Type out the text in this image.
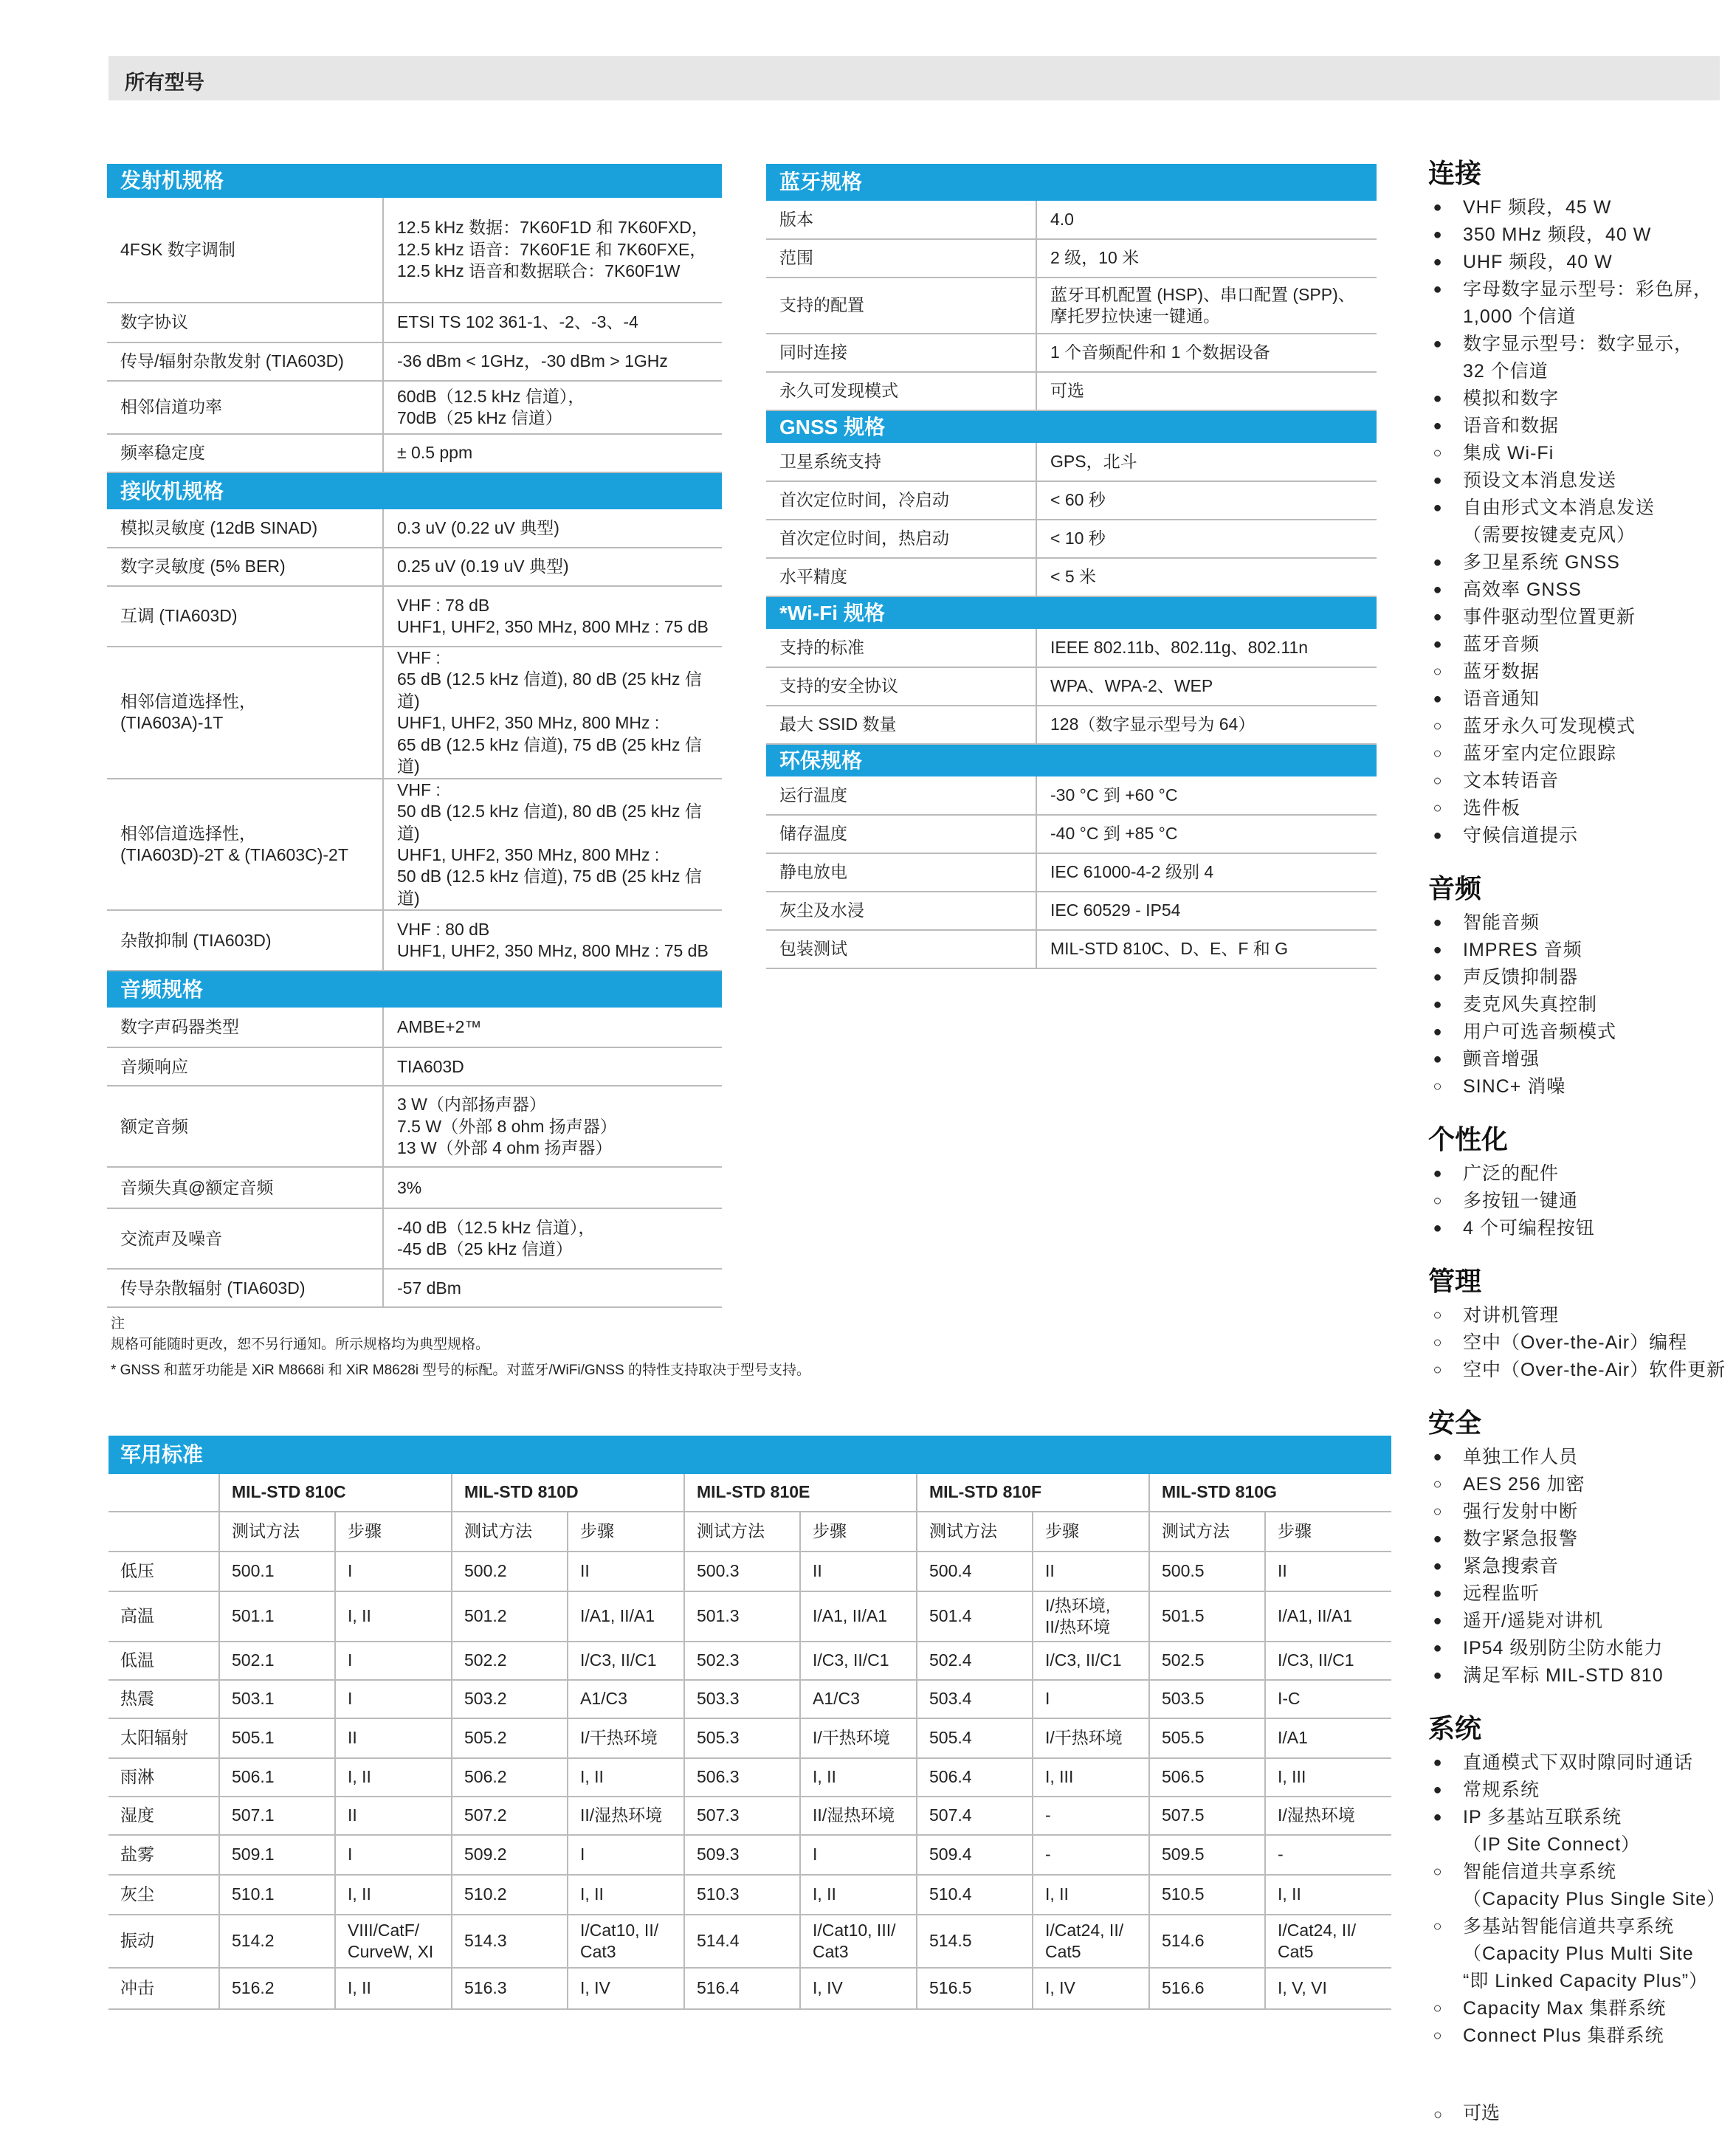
所有型号
发射机规格	
4FSK 数字调制	12.5 kHz 数据：7K60F1D 和 7K60FXD，
12.5 kHz 语音：7K60F1E 和 7K60FXE，
12.5 kHz 语音和数据联合：7K60F1W
数字协议	ETSI TS 102 361-1、-2、-3、-4
传导/辐射杂散发射 (TIA603D)	-36 dBm < 1GHz，-30 dBm > 1GHz
相邻信道功率	60dB（12.5 kHz 信道），
70dB（25 kHz 信道）
频率稳定度	± 0.5 ppm
接收机规格	
模拟灵敏度 (12dB SINAD)	0.3 uV (0.22 uV 典型)
数字灵敏度 (5% BER)	0.25 uV (0.19 uV 典型)
互调 (TIA603D)	VHF : 78 dB
UHF1, UHF2, 350 MHz, 800 MHz : 75 dB
相邻信道选择性，
(TIA603A)-1T	VHF :
65 dB (12.5 kHz 信道), 80 dB (25 kHz 信道)
UHF1, UHF2, 350 MHz, 800 MHz :
65 dB (12.5 kHz 信道), 75 dB (25 kHz 信道)
相邻信道选择性，
(TIA603D)-2T & (TIA603C)-2T	VHF :
50 dB (12.5 kHz 信道), 80 dB (25 kHz 信道)
UHF1, UHF2, 350 MHz, 800 MHz :
50 dB (12.5 kHz 信道), 75 dB (25 kHz 信道)
杂散抑制 (TIA603D)	VHF : 80 dB
UHF1, UHF2, 350 MHz, 800 MHz : 75 dB
音频规格	
数字声码器类型	AMBE+2™
音频响应	TIA603D
额定音频	3 W（内部扬声器）
7.5 W（外部 8 ohm 扬声器）
13 W（外部 4 ohm 扬声器）
音频失真@额定音频	3%
交流声及噪音	-40 dB（12.5 kHz 信道），
-45 dB（25 kHz 信道）
传导杂散辐射 (TIA603D)	-57 dBm
蓝牙规格	
版本	4.0
范围	2 级，10 米
支持的配置	蓝牙耳机配置 (HSP)、串口配置 (SPP)、
摩托罗拉快速一键通。
同时连接	1 个音频配件和 1 个数据设备
永久可发现模式	可选
GNSS 规格	
卫星系统支持	GPS，北斗
首次定位时间，冷启动	< 60 秒
首次定位时间，热启动	< 10 秒
水平精度	< 5 米
*Wi-Fi 规格	
支持的标准	IEEE 802.11b、802.11g、802.11n
支持的安全协议	WPA、WPA-2、WEP
最大 SSID 数量	128（数字显示型号为 64）
环保规格	
运行温度	-30 °C 到 +60 °C
储存温度	-40 °C 到 +85 °C
静电放电	IEC 61000-4-2 级别 4
灰尘及水浸	IEC 60529 - IP54
包装测试	MIL-STD 810C、D、E、F 和 G
注
规格可能随时更改，恕不另行通知。所示规格均为典型规格。
* GNSS 和蓝牙功能是 XiR M8668i 和 XiR M8628i 型号的标配。对蓝牙/WiFi/GNSS 的特性支持取决于型号支持。
军用标准										
	MIL-STD 810C		MIL-STD 810D		MIL-STD 810E		MIL-STD 810F		MIL-STD 810G	
	测试方法	步骤	测试方法	步骤	测试方法	步骤	测试方法	步骤	测试方法	步骤
低压	500.1	I	500.2	II	500.3	II	500.4	II	500.5	II
高温	501.1	I, II	501.2	I/A1, II/A1	501.3	I/A1, II/A1	501.4	I/热环境,
II/热环境	501.5	I/A1, II/A1
低温	502.1	I	502.2	I/C3, II/C1	502.3	I/C3, II/C1	502.4	I/C3, II/C1	502.5	I/C3, II/C1
热震	503.1	I	503.2	A1/C3	503.3	A1/C3	503.4	I	503.5	I-C
太阳辐射	505.1	II	505.2	I/干热环境	505.3	I/干热环境	505.4	I/干热环境	505.5	I/A1
雨淋	506.1	I, II	506.2	I, II	506.3	I, II	506.4	I, III	506.5	I, III
湿度	507.1	II	507.2	II/湿热环境	507.3	II/湿热环境	507.4	-	507.5	I/湿热环境
盐雾	509.1	I	509.2	I	509.3	I	509.4	-	509.5	-
灰尘	510.1	I, II	510.2	I, II	510.3	I, II	510.4	I, II	510.5	I, II
振动	514.2	VIII/CatF/
CurveW, XI	514.3	I/Cat10, II/
Cat3	514.4	I/Cat10, III/
Cat3	514.5	I/Cat24, II/
Cat5	514.6	I/Cat24, II/
Cat5
冲击	516.2	I, II	516.3	I, IV	516.4	I, IV	516.5	I, IV	516.6	I, V, VI
连接
● VHF 频段，45 W
● 350 MHz 频段，40 W
● UHF 频段，40 W
● 字母数字显示型号：彩色屏，
1,000 个信道
● 数字显示型号：数字显示，
32 个信道
● 模拟和数字
● 语音和数据
○ 集成 Wi-Fi
● 预设文本消息发送
● 自由形式文本消息发送
（需要按键麦克风）
● 多卫星系统 GNSS
● 高效率 GNSS
● 事件驱动型位置更新
● 蓝牙音频
○ 蓝牙数据
● 语音通知
○ 蓝牙永久可发现模式
○ 蓝牙室内定位跟踪
○ 文本转语音
○ 选件板
● 守候信道提示
音频
● 智能音频
● IMPRES 音频
● 声反馈抑制器
● 麦克风失真控制
● 用户可选音频模式
● 颤音增强
○ SINC+ 消噪
个性化
● 广泛的配件
○ 多按钮一键通
● 4 个可编程按钮
管理
○ 对讲机管理
○ 空中（Over-the-Air）编程
○ 空中（Over-the-Air）软件更新
安全
● 单独工作人员
○ AES 256 加密
○ 强行发射中断
● 数字紧急报警
● 紧急搜索音
● 远程监听
● 遥开/遥毙对讲机
● IP54 级别防尘防水能力
● 满足军标 MIL-STD 810
系统
● 直通模式下双时隙同时通话
● 常规系统
● IP 多基站互联系统
（IP Site Connect）
○ 智能信道共享系统
（Capacity Plus Single Site）
○ 多基站智能信道共享系统
（Capacity Plus Multi Site
“即 Linked Capacity Plus”）
○ Capacity Max 集群系统
○ Connect Plus 集群系统
○ 可选
